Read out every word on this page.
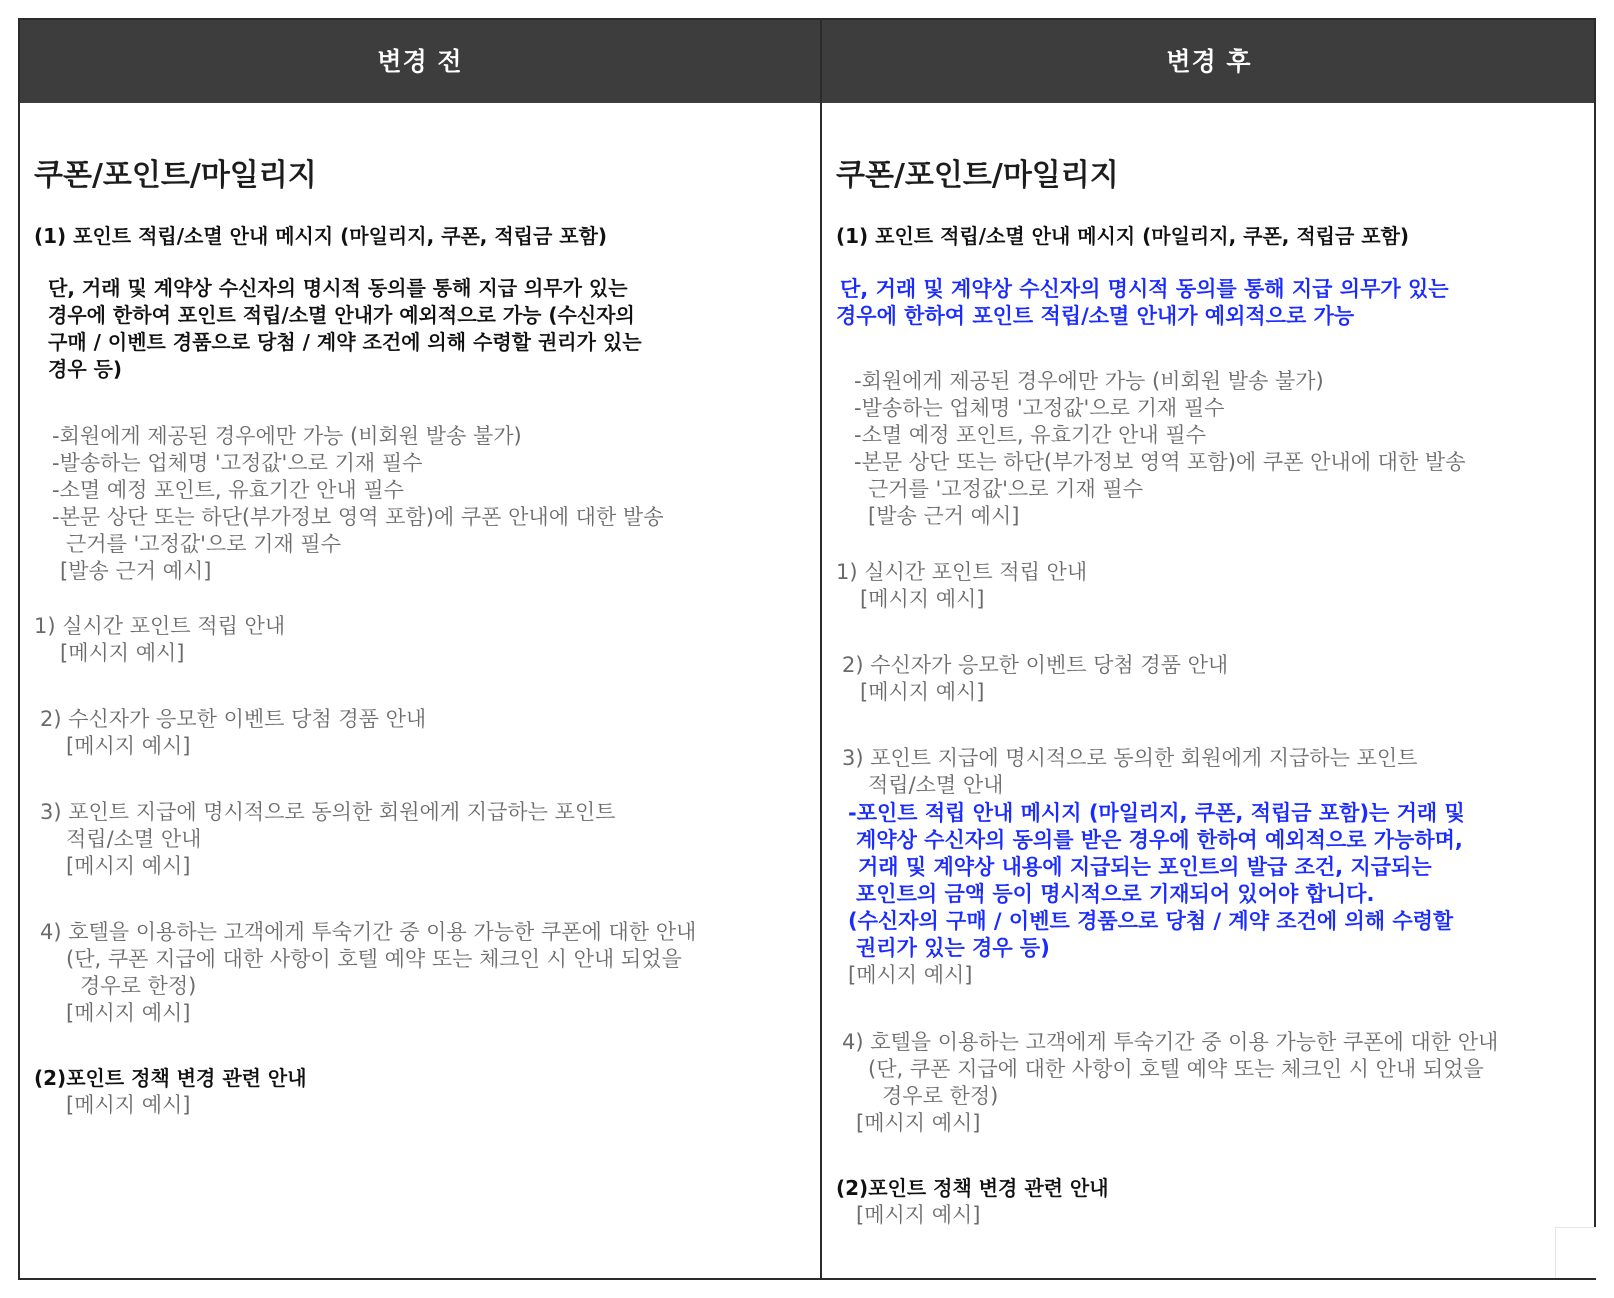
변경 전	변경 후

쿠폰/포인트/마일리지

(1) 포인트 적립/소멸 안내 메시지 (마일리지, 쿠폰, 적립금 포함)

단, 거래 및 계약상 수신자의 명시적 동의를 통해 지급 의무가 있는

경우에 한하여 포인트 적립/소멸 안내가 예외적으로 가능 (수신자의

구매 / 이벤트 경품으로 당첨 / 계약 조건에 의해 수령할 권리가 있는

경우 등)

-회원에게 제공된 경우에만 가능 (비회원 발송 불가)

-발송하는 업체명 '고정값'으로 기재 필수

-소멸 예정 포인트, 유효기간 안내 필수

-본문 상단 또는 하단(부가정보 영역 포함)에 쿠폰 안내에 대한 발송

근거를 '고정값'으로 기재 필수

[발송 근거 예시]

1) 실시간 포인트 적립 안내

[메시지 예시]

2) 수신자가 응모한 이벤트 당첨 경품 안내

[메시지 예시]

3) 포인트 지급에 명시적으로 동의한 회원에게 지급하는 포인트

적립/소멸 안내

[메시지 예시]

4) 호텔을 이용하는 고객에게 투숙기간 중 이용 가능한 쿠폰에 대한 안내

(단, 쿠폰 지급에 대한 사항이 호텔 예약 또는 체크인 시 안내 되었을

경우로 한정)

[메시지 예시]

(2)포인트 정책 변경 관련 안내

[메시지 예시]

쿠폰/포인트/마일리지

(1) 포인트 적립/소멸 안내 메시지 (마일리지, 쿠폰, 적립금 포함)

단, 거래 및 계약상 수신자의 명시적 동의를 통해 지급 의무가 있는

경우에 한하여 포인트 적립/소멸 안내가 예외적으로 가능

-회원에게 제공된 경우에만 가능 (비회원 발송 불가)

-발송하는 업체명 '고정값'으로 기재 필수

-소멸 예정 포인트, 유효기간 안내 필수

-본문 상단 또는 하단(부가정보 영역 포함)에 쿠폰 안내에 대한 발송

근거를 '고정값'으로 기재 필수

[발송 근거 예시]

1) 실시간 포인트 적립 안내

[메시지 예시]

2) 수신자가 응모한 이벤트 당첨 경품 안내

[메시지 예시]

3) 포인트 지급에 명시적으로 동의한 회원에게 지급하는 포인트

적립/소멸 안내

-포인트 적립 안내 메시지 (마일리지, 쿠폰, 적립금 포함)는 거래 및

계약상 수신자의 동의를 받은 경우에 한하여 예외적으로 가능하며,

거래 및 계약상 내용에 지급되는 포인트의 발급 조건, 지급되는

포인트의 금액 등이 명시적으로 기재되어 있어야 합니다.

(수신자의 구매 / 이벤트 경품으로 당첨 / 계약 조건에 의해 수령할

권리가 있는 경우 등)

[메시지 예시]

4) 호텔을 이용하는 고객에게 투숙기간 중 이용 가능한 쿠폰에 대한 안내

(단, 쿠폰 지급에 대한 사항이 호텔 예약 또는 체크인 시 안내 되었을

경우로 한정)

[메시지 예시]

(2)포인트 정책 변경 관련 안내

[메시지 예시]
